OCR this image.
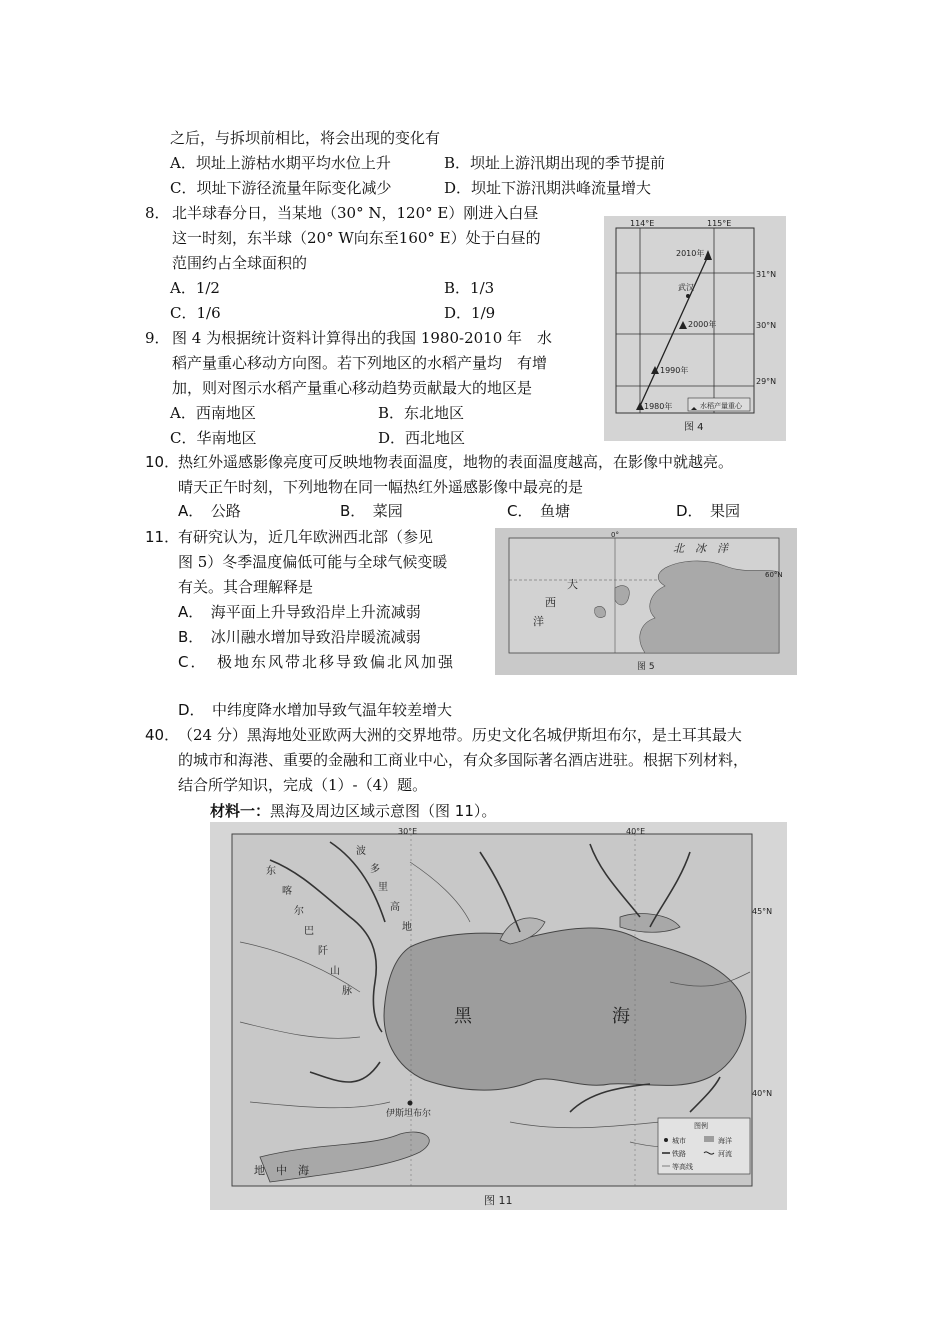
之后，与拆坝前相比，将会出现的变化有
A．坝址上游枯水期平均水位上升	B．坝址上游汛期出现的季节提前
C．坝址下游径流量年际变化减少	D．坝址下游汛期洪峰流量增大
8． 北半球春分日，当某地（30° N，120° E）刚进入白昼
这一时刻，东半球（20° W向东至160° E）处于白昼的
范围约占全球面积的
A．1/2	B．1/3
C．1/6	D．1/9
9． 图 4 为根据统计资料计算得出的我国 1980-2010 年　水
稻产量重心移动方向图。若下列地区的水稻产量均　有增
加，则对图示水稻产量重心移动趋势贡献最大的地区是
A．西南地区	B．东北地区
C．华南地区	D．西北地区
114°E	115°E
31°N
30°N
29°N
武汉
1980年
1990年
2000年
2010年
水稻产量重心
图 4
10．
热红外遥感影像亮度可反映地物表面温度，地物的表面温度越高，在影像中就越亮。
晴天正午时刻，下列地物在同一幅热红外遥感影像中最亮的是
A．　公路	B．　菜园	C．　鱼塘	D．　果园
11．
有研究认为，近几年欧洲西北部（参见
图 5）冬季温度偏低可能与全球气候变暖
有关。其合理解释是
A．　海平面上升导致沿岸上升流减弱
B．　冰川融水增加导致沿岸暖流减弱
C．　极地东风带北移导致偏北风加强
D．　中纬度降水增加导致气温年较差增大
0°
60°N
北　冰　洋
大
西
洋
图 5
40．
（24 分）黑海地处亚欧两大洲的交界地带。历史文化名城伊斯坦布尔，是土耳其最大
的城市和海港、重要的金融和工商业中心，有众多国际著名酒店进驻。根据下列材料，
结合所学知识，完成（1）-（4）题。
材料一：黑海及周边区域示意图（图 11）。
30°E	40°E
45°N
40°N
东
喀
尔
巴
阡
山
脉
波
多
里
高
地
黑	海
伊斯坦布尔
地　中　海
图例
城市	海洋
铁路	河流
等高线
图 11
